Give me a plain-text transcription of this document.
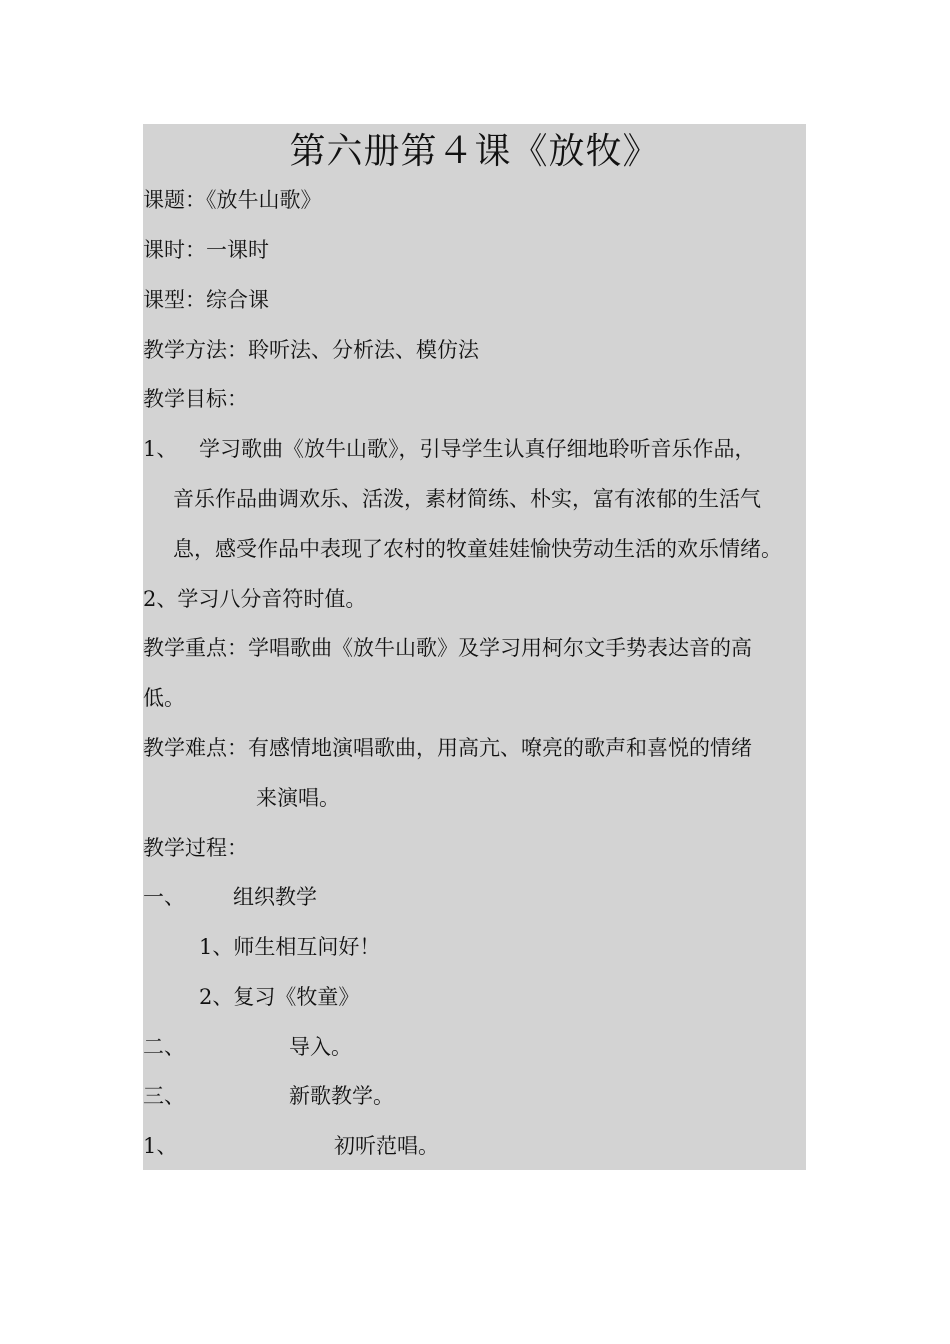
第六册第４课《放牧》
课题：《放牛山歌》
课时：一课时
课型：综合课
教学方法：聆听法、分析法、模仿法
教学目标：
1、 学习歌曲《放牛山歌》，引导学生认真仔细地聆听音乐作品，
音乐作品曲调欢乐、活泼，素材简练、朴实，富有浓郁的生活气
息，感受作品中表现了农村的牧童娃娃愉快劳动生活的欢乐情绪。
2、学习八分音符时值。
教学重点：学唱歌曲《放牛山歌》及学习用柯尔文手势表达音的高
低。
教学难点：有感情地演唱歌曲，用高亢、嘹亮的歌声和喜悦的情绪
来演唱。
教学过程：
一、 组织教学
1、师生相互问好！
2、复习《牧童》
二、	导入。
三、	新歌教学。
1、	初听范唱。
